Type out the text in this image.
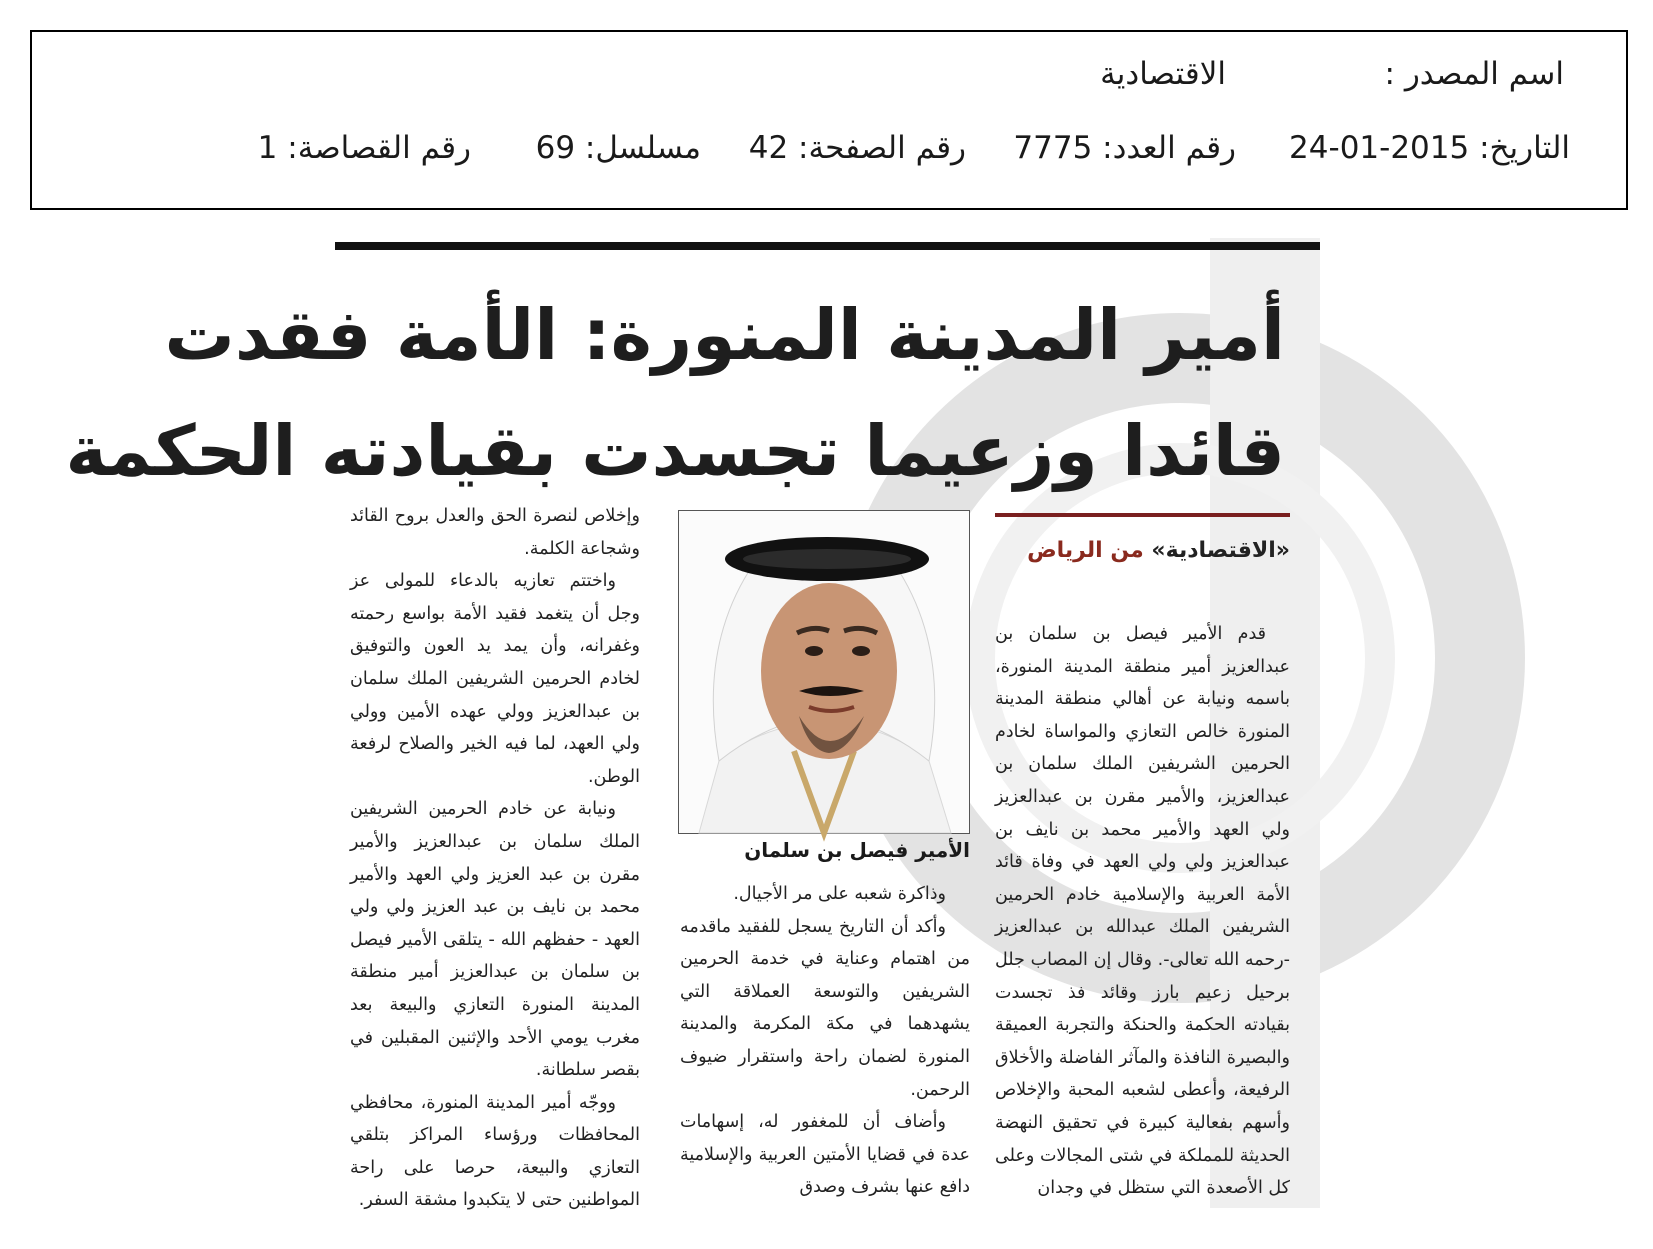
اسم المصدر :
الاقتصادية
التاريخ: 2015-01-24
رقم العدد: 7775
رقم الصفحة: 42
مسلسل: 69
رقم القصاصة: 1
أمير المدينة المنورة: الأمة فقدت
قائدا وزعيما تجسدت بقيادته الحكمة
«الاقتصادية» من الرياض

قدم الأمير فيصل بن سلمان بن عبدالعزيز أمير منطقة المدينة المنورة، باسمه ونيابة عن أهالي منطقة المدينة المنورة خالص التعازي والمواساة لخادم الحرمين الشريفين الملك سلمان بن عبدالعزيز، والأمير مقرن بن عبدالعزيز ولي العهد والأمير محمد بن نايف بن عبدالعزيز ولي ولي العهد في وفاة قائد الأمة العربية والإسلامية خادم الحرمين الشريفين الملك عبدالله بن عبدالعزيز -رحمه الله تعالى-. وقال إن المصاب جلل برحيل زعيم بارز وقائد فذ تجسدت بقيادته الحكمة والحنكة والتجربة العميقة والبصيرة النافذة والمآثر الفاضلة والأخلاق الرفيعة، وأعطى لشعبه المحبة والإخلاص وأسهم بفعالية كبيرة في تحقيق النهضة الحديثة للمملكة في شتى المجالات وعلى كل الأصعدة التي ستظل في وجدان

الأمير فيصل بن سلمان

وذاكرة شعبه على مر الأجيال.

وأكد أن التاريخ يسجل للفقيد ماقدمه من اهتمام وعناية في خدمة الحرمين الشريفين والتوسعة العملاقة التي يشهدهما في مكة المكرمة والمدينة المنورة لضمان راحة واستقرار ضيوف الرحمن.

وأضاف أن للمغفور له، إسهامات عدة في قضايا الأمتين العربية والإسلامية دافع عنها بشرف وصدق

وإخلاص لنصرة الحق والعدل بروح القائد وشجاعة الكلمة.

واختتم تعازيه بالدعاء للمولى عز وجل أن يتغمد فقيد الأمة بواسع رحمته وغفرانه، وأن يمد يد العون والتوفيق لخادم الحرمين الشريفين الملك سلمان بن عبدالعزيز وولي عهده الأمين وولي ولي العهد، لما فيه الخير والصلاح لرفعة الوطن.

ونيابة عن خادم الحرمين الشريفين الملك سلمان بن عبدالعزيز والأمير مقرن بن عبد العزيز ولي العهد والأمير محمد بن نايف بن عبد العزيز ولي ولي العهد - حفظهم الله - يتلقى الأمير فيصل بن سلمان بن عبدالعزيز أمير منطقة المدينة المنورة التعازي والبيعة بعد مغرب يومي الأحد والإثنين المقبلين في بقصر سلطانة.

ووجّه أمير المدينة المنورة، محافظي المحافظات ورؤساء المراكز بتلقي التعازي والبيعة، حرصا على راحة المواطنين حتى لا يتكبدوا مشقة السفر.
